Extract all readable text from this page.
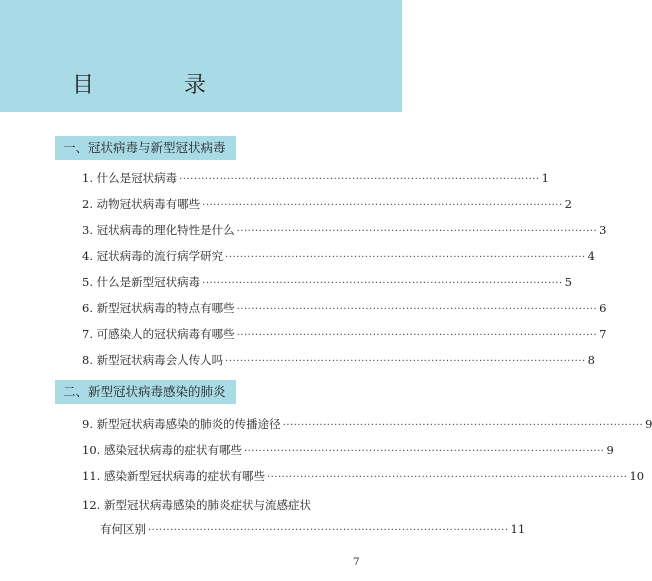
目　录
一、冠状病毒与新型冠状病毒
1. 什么是冠状病毒 ·································································································· 1
2. 动物冠状病毒有哪些 ·································································································· 2
3. 冠状病毒的理化特性是什么 ·································································································· 3
4. 冠状病毒的流行病学研究 ·································································································· 4
5. 什么是新型冠状病毒 ·································································································· 5
6. 新型冠状病毒的特点有哪些 ·································································································· 6
7. 可感染人的冠状病毒有哪些 ·································································································· 7
8. 新型冠状病毒会人传人吗 ·································································································· 8
二、新型冠状病毒感染的肺炎
9. 新型冠状病毒感染的肺炎的传播途径 ·································································································· 9
10. 感染冠状病毒的症状有哪些 ·································································································· 9
11. 感染新型冠状病毒的症状有哪些 ·································································································· 10
12. 新型冠状病毒感染的肺炎症状与流感症状
有何区别 ·································································································· 11
7
